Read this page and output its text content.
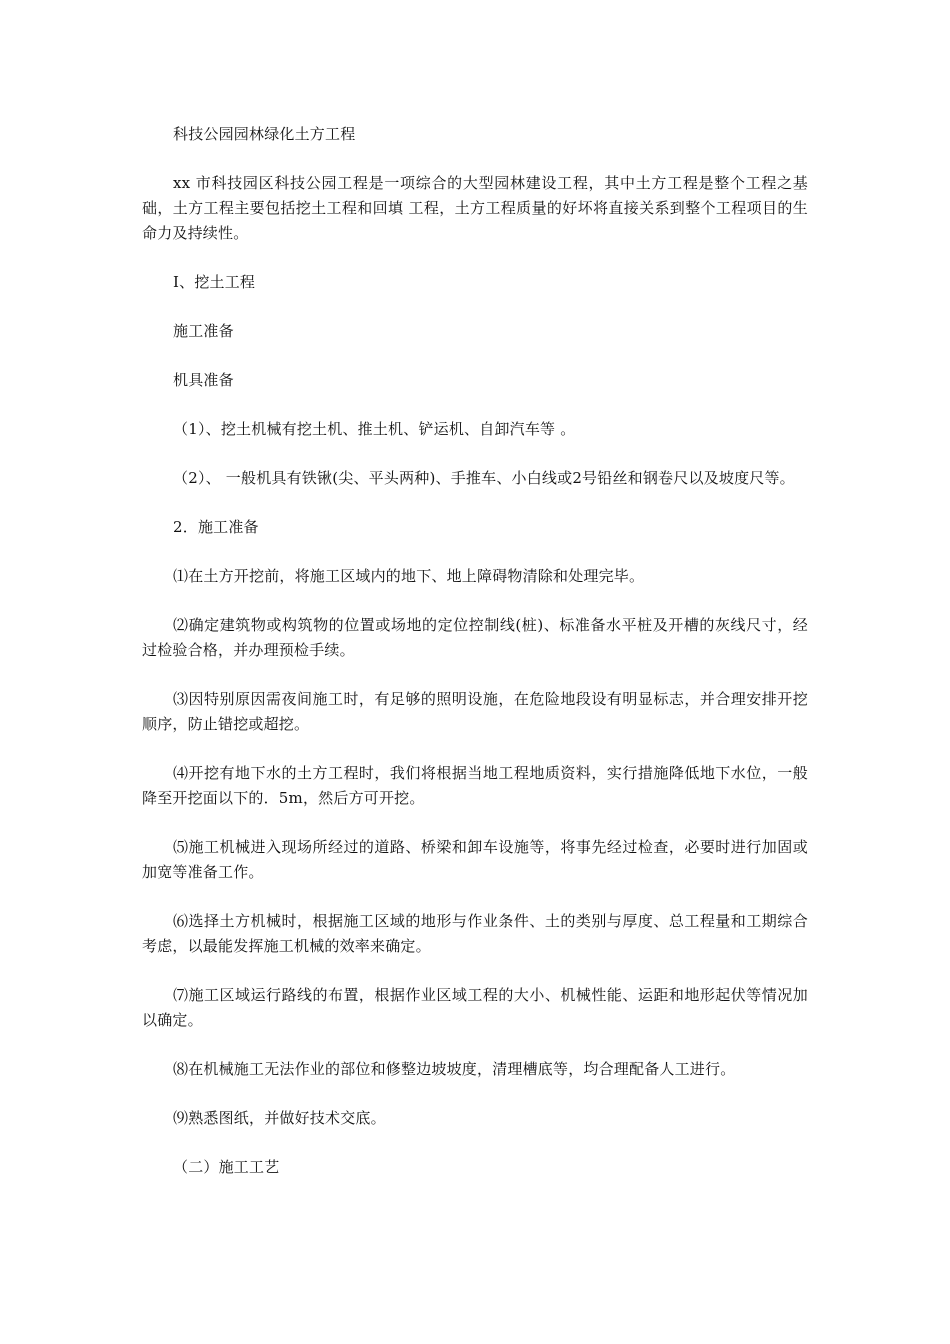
科技公园园林绿化土方工程

xx 市科技园区科技公园工程是一项综合的大型园林建设工程，其中土方工程是整个工程之基础，土方工程主要包括挖土工程和回填 工程，土方工程质量的好坏将直接关系到整个工程项目的生命力及持续性。

Ⅰ、挖土工程

施工准备

机具准备

（1）、挖土机械有挖土机、推土机、铲运机、自卸汽车等 。

（2）、 一般机具有铁锹(尖、平头两种)、手推车、小白线或2号铅丝和钢卷尺以及坡度尺等。

2．施工准备

⑴在土方开挖前，将施工区域内的地下、地上障碍物清除和处理完毕。

⑵确定建筑物或构筑物的位置或场地的定位控制线(桩)、标准备水平桩及开槽的灰线尺寸，经过检验合格，并办理预检手续。

⑶因特别原因需夜间施工时，有足够的照明设施，在危险地段设有明显标志，并合理安排开挖顺序，防止错挖或超挖。

⑷开挖有地下水的土方工程时，我们将根据当地工程地质资料，实行措施降低地下水位，一般降至开挖面以下的．5m，然后方可开挖。

⑸施工机械进入现场所经过的道路、桥梁和卸车设施等，将事先经过检查，必要时进行加固或加宽等准备工作。

⑹选择土方机械时，根据施工区域的地形与作业条件、土的类别与厚度、总工程量和工期综合考虑，以最能发挥施工机械的效率来确定。

⑺施工区域运行路线的布置，根据作业区域工程的大小、机械性能、运距和地形起伏等情况加以确定。

⑻在机械施工无法作业的部位和修整边坡坡度，清理槽底等，均合理配备人工进行。

⑼熟悉图纸，并做好技术交底。

（二）施工工艺
